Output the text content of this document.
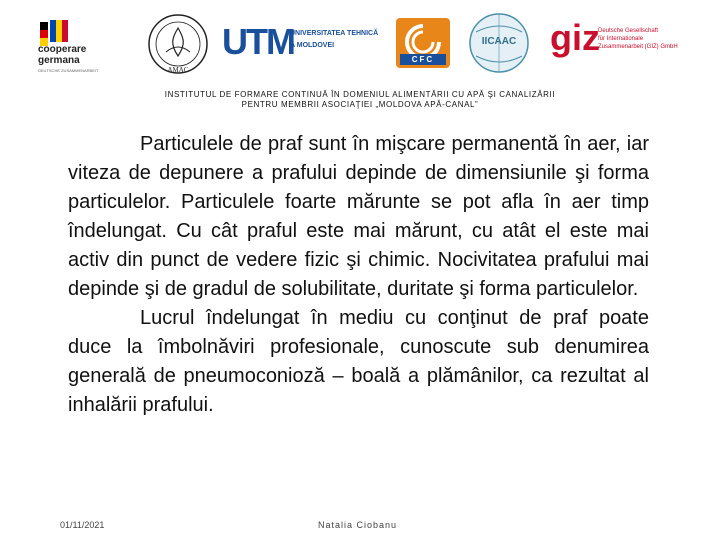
cooperare germana
DEUTSCHE ZUSAMMENARBEIT	AMAC
UTM
UNIVERSITATEA TEHNICĂ
A MOLDOVEI
CFC
IICAAC giz
Deutsche Gesellschaft
für Internationale
Zusammenarbeit (GIZ) GmbH
INSTITUTUL DE FORMARE CONTINUĂ ÎN DOMENIUL ALIMENTĂRII CU APĂ ŞI CANALIZĂRII
PENTRU MEMBRII ASOCIAŢIEI „MOLDOVA APĂ-CANAL”

Particulele de praf sunt în mişcare permanentă în aer, iar viteza de depunere a prafului depinde de dimensiunile şi forma particulelor. Particulele foarte mărunte se pot afla în aer timp îndelungat. Cu cât praful este mai mărunt, cu atât el este mai activ din punct de vedere fizic şi chimic. Nocivitatea prafului mai depinde şi de gradul de solubilitate, duritate şi forma particulelor.

Lucrul îndelungat în mediu cu conţinut de praf poate duce la îmbolnăviri profesionale, cunoscute sub denumirea generală de pneumoconioză – boală a plămânilor, ca rezultat al inhalării prafului.

01/11/2021	Natalia Ciobanu
